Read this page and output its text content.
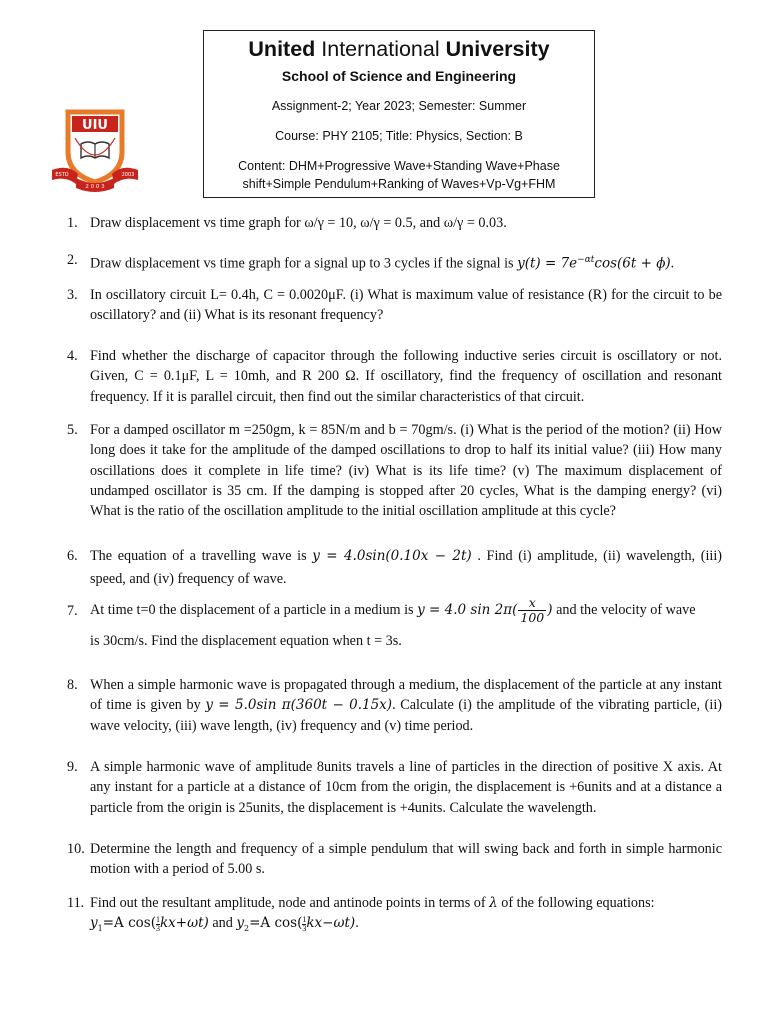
UIU
ESTD	2003
2 0 0 3
United International University
School of Science and Engineering
Assignment-2; Year 2023; Semester: Summer
Course: PHY 2105; Title: Physics, Section: B
Content: DHM+Progressive Wave+Standing Wave+Phase
shift+Simple Pendulum+Ranking of Waves+Vp-Vg+FHM
1. Draw displacement vs time graph for ω/γ = 10, ω/γ = 0.5, and ω/γ = 0.03.
2. Draw displacement vs time graph for a signal up to 3 cycles if the signal is $y(t) = 7e^{-\alpha t}\cos(6t + \phi)$.
3. In oscillatory circuit L= 0.4h, C = 0.0020μF. (i) What is maximum value of resistance (R) for the circuit to be oscillatory? and (ii) What is its resonant frequency?
4. Find whether the discharge of capacitor through the following inductive series circuit is oscillatory or not. Given, C = 0.1μF, L = 10mh, and R 200 Ω. If oscillatory, find the frequency of oscillation and resonant frequency. If it is parallel circuit, then find out the similar characteristics of that circuit.
5. For a damped oscillator m =250gm, k = 85N/m and b = 70gm/s. (i) What is the period of the motion? (ii) How long does it take for the amplitude of the damped oscillations to drop to half its initial value? (iii) How many oscillations does it complete in life time? (iv) What is its life time? (v) The maximum displacement of undamped oscillator is 35 cm. If the damping is stopped after 20 cycles, What is the damping energy? (vi) What is the ratio of the oscillation amplitude to the initial oscillation amplitude at this cycle?
6. The equation of a travelling wave is y = 4.0sin(0.10x − 2t) . Find (i) amplitude, (ii) wavelength, (iii) speed, and (iv) frequency of wave.
7. At time t=0 the displacement of a particle in a medium is y = 4.0 $\sin 2\pi( \frac{x}{100}$ ) and the velocity of wave
is 30cm/s. Find the displacement equation when t = 3s.
8. When a simple harmonic wave is propagated through a medium, the displacement of the particle at any instant of time is given by y = 5.0sin π(360t − 0.15x). Calculate (i) the amplitude of the vibrating particle, (ii) wave velocity, (iii) wave length, (iv) frequency and (v) time period.
9. A simple harmonic wave of amplitude 8units travels a line of particles in the direction of positive X axis. At any instant for a particle at a distance of 10cm from the origin, the displacement is +6units and at a distance a particle from the origin is 25units, the displacement is +4units. Calculate the wavelength.
10. Determine the length and frequency of a simple pendulum that will swing back and forth in simple harmonic motion with a period of 5.00 s.
11. Find out the resultant amplitude, node and antinode points in terms of λ of the following equations:
$y_1=A$ $\cos( \frac{1}{3} kx+\omega t)$ and $y_2=A$ $\cos( \frac{1}{3} kx-\omega t)$.
